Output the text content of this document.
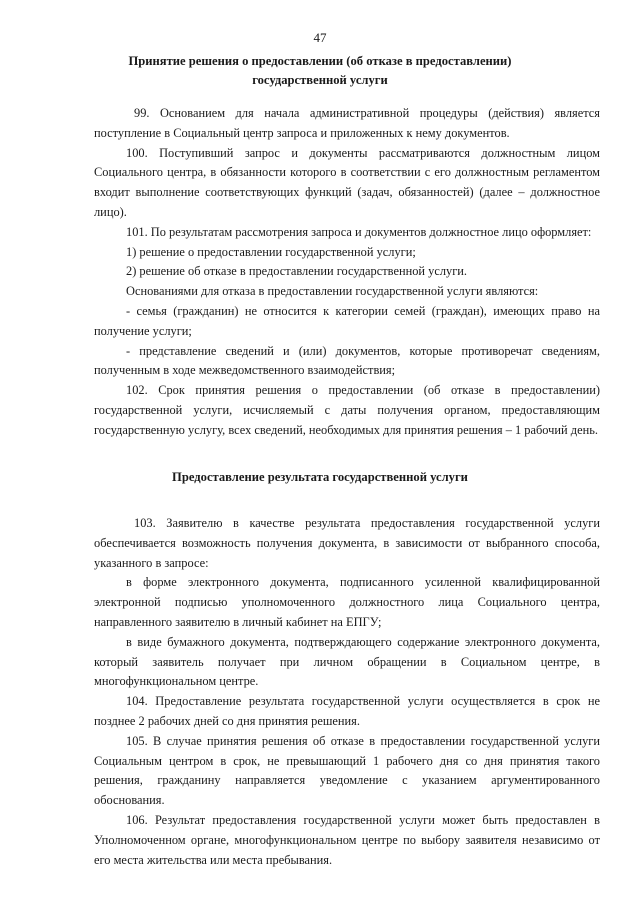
47
Принятие решения о предоставлении (об отказе в предоставлении)
государственной услуги

99. Основанием для начала административной процедуры (действия) является поступление в Социальный центр запроса и приложенных к нему документов.

100. Поступивший запрос и документы рассматриваются должностным лицом Социального центра, в обязанности которого в соответствии с его должностным регламентом входит выполнение соответствующих функций (задач, обязанностей) (далее – должностное лицо).

101. По результатам рассмотрения запроса и документов должностное лицо оформляет:

1) решение о предоставлении государственной услуги;

2) решение об отказе в предоставлении государственной услуги.

Основаниями для отказа в предоставлении государственной услуги являются:

- семья (гражданин) не относится к категории семей (граждан), имеющих право на получение услуги;

- представление сведений и (или) документов, которые противоречат сведениям, полученным в ходе межведомственного взаимодействия;

102. Срок принятия решения о предоставлении (об отказе в предоставлении) государственной услуги, исчисляемый с даты получения органом, предоставляющим государственную услугу, всех сведений, необходимых для принятия решения – 1 рабочий день.

Предоставление результата государственной услуги

103. Заявителю в качестве результата предоставления государственной услуги обеспечивается возможность получения документа, в зависимости от выбранного способа, указанного в запросе:

в форме электронного документа, подписанного усиленной квалифицированной электронной подписью уполномоченного должностного лица Социального центра, направленного заявителю в личный кабинет на ЕПГУ;

в виде бумажного документа, подтверждающего содержание электронного документа, который заявитель получает при личном обращении в Социальном центре, в многофункциональном центре.

104. Предоставление результата государственной услуги осуществляется в срок не позднее 2 рабочих дней со дня принятия решения.

105. В случае принятия решения об отказе в предоставлении государственной услуги Социальным центром в срок, не превышающий 1 рабочего дня со дня принятия такого решения, гражданину направляется уведомление с указанием аргументированного обоснования.

106. Результат предоставления государственной услуги может быть предоставлен в Уполномоченном органе, многофункциональном центре по выбору заявителя независимо от его места жительства или места пребывания.
